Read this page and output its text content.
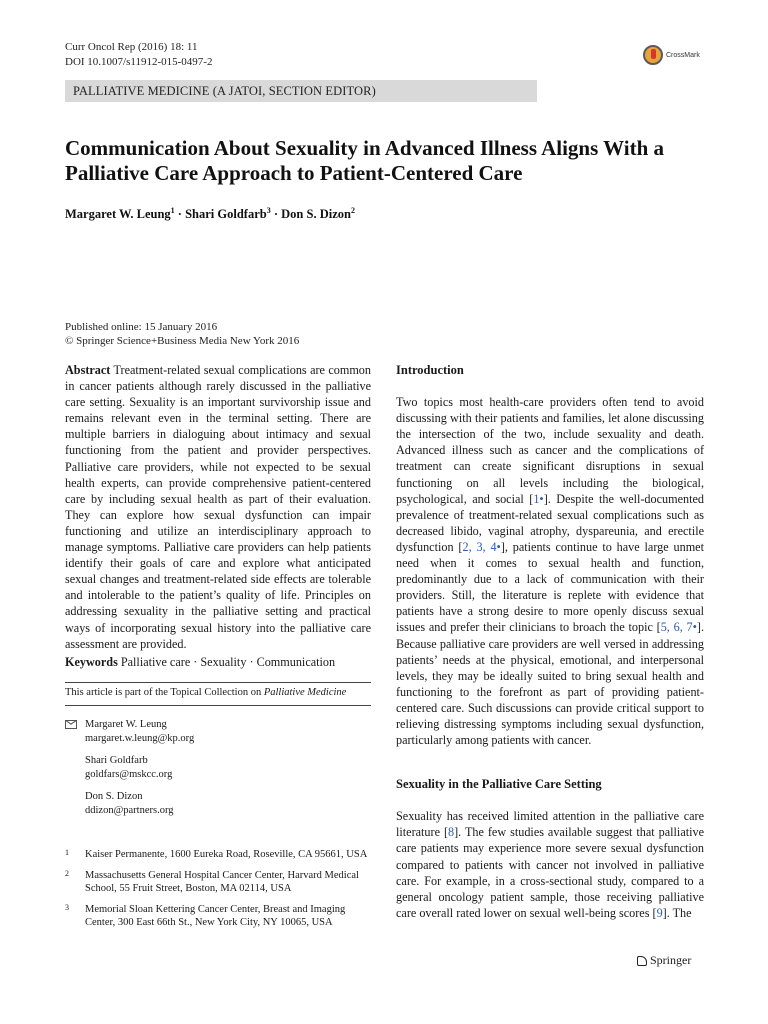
Curr Oncol Rep (2016) 18: 11
DOI 10.1007/s11912-015-0497-2
CrossMark
PALLIATIVE MEDICINE (A JATOI, SECTION EDITOR)
Communication About Sexuality in Advanced Illness Aligns With a Palliative Care Approach to Patient-Centered Care
Margaret W. Leung$^1$ · Shari Goldfarb$^3$ · Don S. Dizon$^2$
Published online: 15 January 2016
© Springer Science+Business Media New York 2016

Abstract Treatment-related sexual complications are common in cancer patients although rarely discussed in the palliative care setting. Sexuality is an important survivorship issue and remains relevant even in the terminal setting. There are multiple barriers in dialoguing about intimacy and sexual functioning from the patient and provider perspectives. Palliative care providers, while not expected to be sexual health experts, can provide comprehensive patient-centered care by including sexual health as part of their evaluation. They can explore how sexual dysfunction can impair functioning and utilize an interdisciplinary approach to manage symptoms. Palliative care providers can help patients identify their goals of care and explore what anticipated sexual changes and treatment-related side effects are tolerable and intolerable to the patient’s quality of life. Principles on addressing sexuality in the palliative setting and practical ways of incorporating sexual history into the palliative care assessment are provided.

Keywords Palliative care · Sexuality · Communication
This article is part of the Topical Collection on Palliative Medicine
Margaret W. Leung
margaret.w.leung@kp.org
Shari Goldfarb
goldfars@mskcc.org
Don S. Dizon
ddizon@partners.org
1	Kaiser Permanente, 1600 Eureka Road, Roseville, CA 95661, USA
2	Massachusetts General Hospital Cancer Center, Harvard Medical School, 55 Fruit Street, Boston, MA 02114, USA
3	Memorial Sloan Kettering Cancer Center, Breast and Imaging Center, 300 East 66th St., New York City, NY 10065, USA

Introduction

Two topics most health-care providers often tend to avoid discussing with their patients and families, let alone discussing the intersection of the two, include sexuality and death. Advanced illness such as cancer and the complications of treatment can create significant disruptions in sexual functioning on all levels including the biological, psychological, and social [1•]. Despite the well-documented prevalence of treatment-related sexual complications such as decreased libido, vaginal atrophy, dyspareunia, and erectile dysfunction [2, 3, 4•], patients continue to have large unmet need when it comes to sexual health and function, predominantly due to a lack of communication with their providers. Still, the literature is replete with evidence that patients have a strong desire to more openly discuss sexual issues and prefer their clinicians to broach the topic [5, 6, 7•]. Because palliative care providers are well versed in addressing patients’ needs at the physical, emotional, and interpersonal levels, they may be ideally suited to bring sexual health and functioning to the forefront as part of providing patient-centered care. Such discussions can provide critical support to relieving distressing symptoms including sexual dysfunction, particularly among patients with cancer.

Sexuality in the Palliative Care Setting

Sexuality has received limited attention in the palliative care literature [8]. The few studies available suggest that palliative care patients may experience more severe sexual dysfunction compared to patients with cancer not involved in palliative care. For example, in a cross-sectional study, compared to a general oncology patient sample, those receiving palliative care overall rated lower on sexual well-being scores [9]. The

Springer
